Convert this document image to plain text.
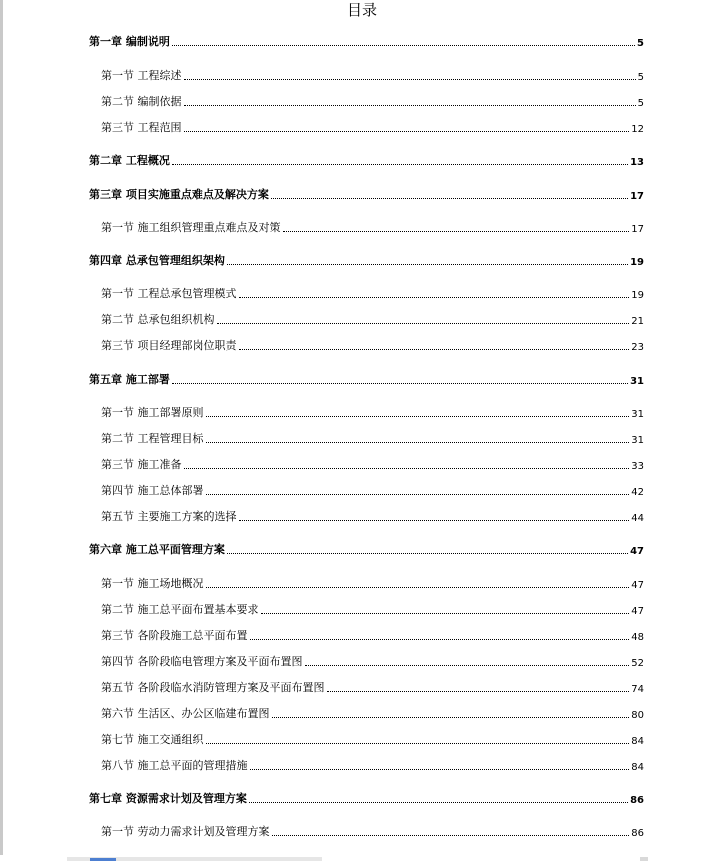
目录
第一章 编制说明	5
第一节 工程综述	5
第二节 编制依据	5
第三节 工程范围	12
第二章 工程概况	13
第三章 项目实施重点难点及解决方案	17
第一节 施工组织管理重点难点及对策	17
第四章 总承包管理组织架构	19
第一节 工程总承包管理模式	19
第二节 总承包组织机构	21
第三节 项目经理部岗位职责	23
第五章 施工部署	31
第一节 施工部署原则	31
第二节 工程管理目标	31
第三节 施工准备	33
第四节 施工总体部署	42
第五节 主要施工方案的选择	44
第六章 施工总平面管理方案	47
第一节 施工场地概况	47
第二节 施工总平面布置基本要求	47
第三节 各阶段施工总平面布置	48
第四节 各阶段临电管理方案及平面布置图	52
第五节 各阶段临水消防管理方案及平面布置图	74
第六节 生活区、办公区临建布置图	80
第七节 施工交通组织	84
第八节 施工总平面的管理措施	84
第七章 资源需求计划及管理方案	86
第一节 劳动力需求计划及管理方案	86
